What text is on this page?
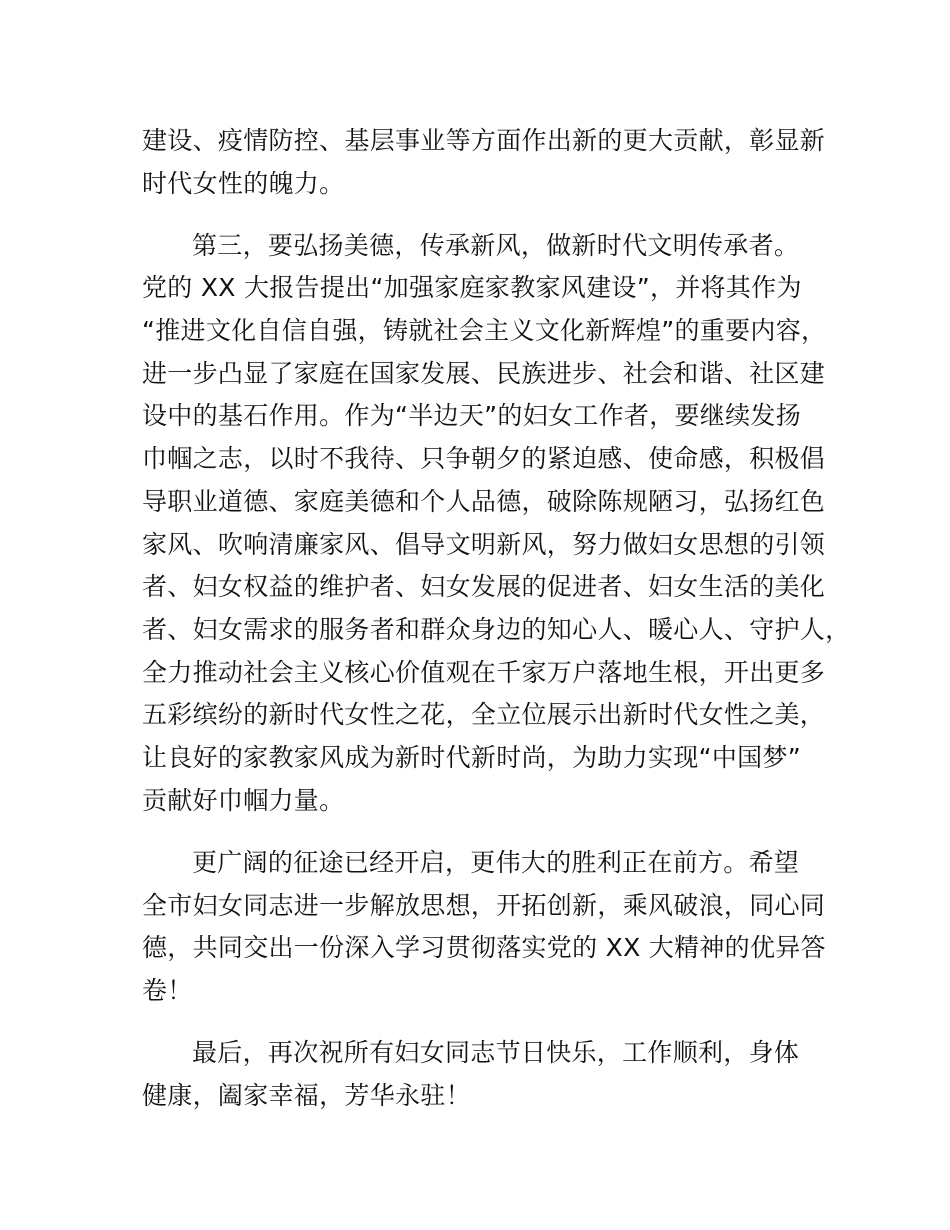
建设、疫情防控、基层事业等方面作出新的更大贡献，彰显新
时代女性的魄力。
第三，要弘扬美德，传承新风，做新时代文明传承者。
党的 XX 大报告提出“加强家庭家教家风建设”，并将其作为
“推进文化自信自强，铸就社会主义文化新辉煌”的重要内容，
进一步凸显了家庭在国家发展、民族进步、社会和谐、社区建
设中的基石作用。作为“半边天”的妇女工作者，要继续发扬
巾帼之志，以时不我待、只争朝夕的紧迫感、使命感，积极倡
导职业道德、家庭美德和个人品德，破除陈规陋习，弘扬红色
家风、吹响清廉家风、倡导文明新风，努力做妇女思想的引领
者、妇女权益的维护者、妇女发展的促进者、妇女生活的美化
者、妇女需求的服务者和群众身边的知心人、暖心人、守护人，
全力推动社会主义核心价值观在千家万户落地生根，开出更多
五彩缤纷的新时代女性之花，全立位展示出新时代女性之美，
让良好的家教家风成为新时代新时尚，为助力实现“中国梦”
贡献好巾帼力量。
更广阔的征途已经开启，更伟大的胜利正在前方。希望
全市妇女同志进一步解放思想，开拓创新，乘风破浪，同心同
德，共同交出一份深入学习贯彻落实党的 XX 大精神的优异答
卷！
最后，再次祝所有妇女同志节日快乐，工作顺利，身体
健康，阖家幸福，芳华永驻！
